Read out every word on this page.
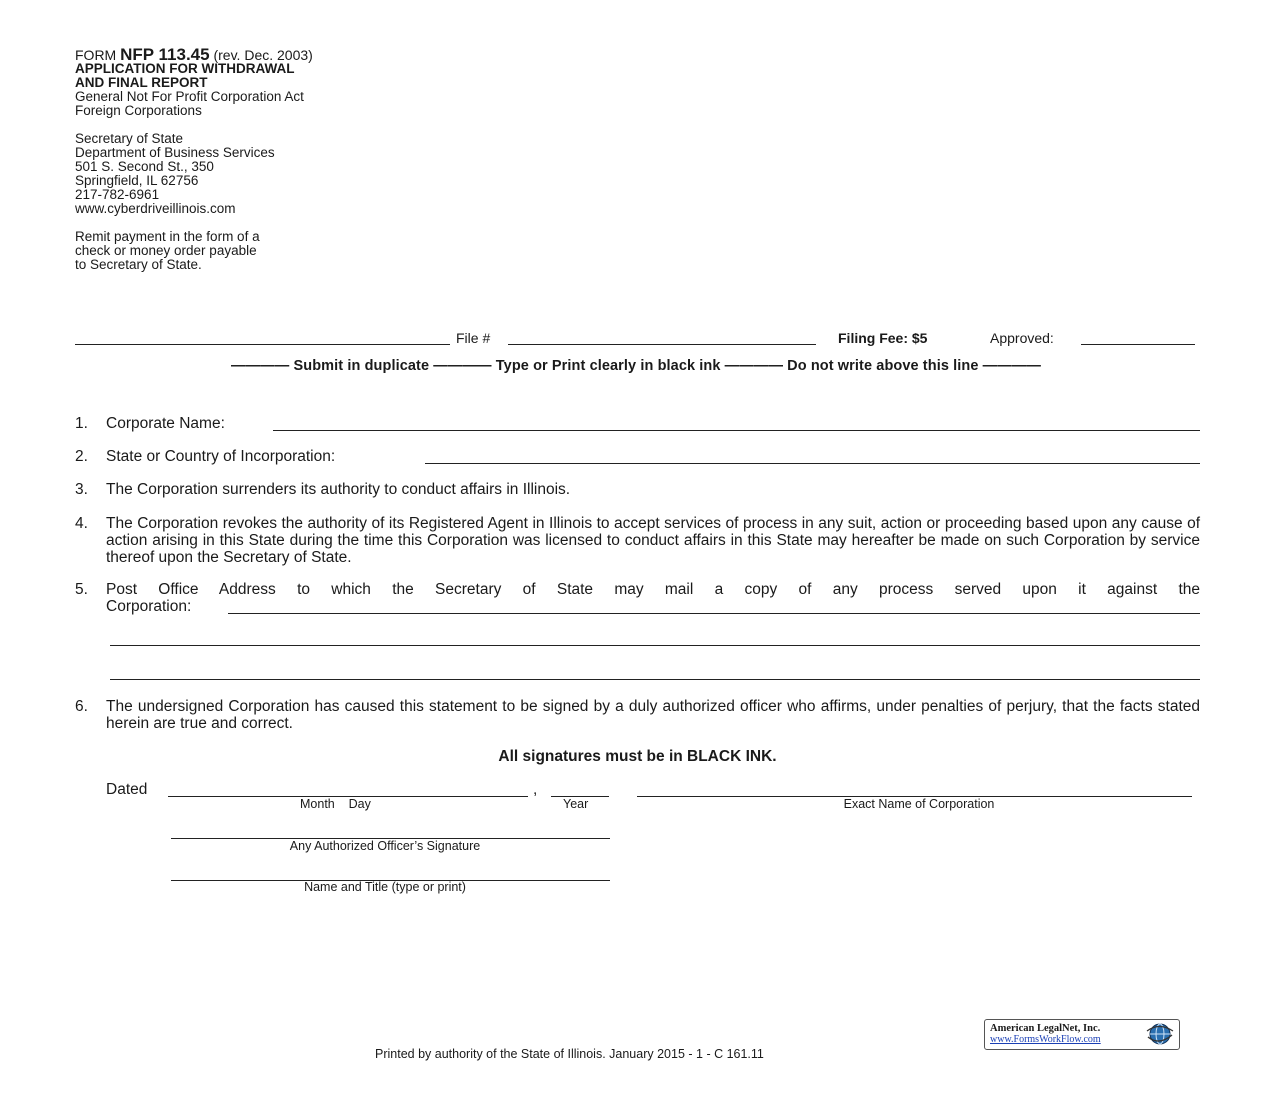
FORM NFP 113.45 (rev. Dec. 2003)
APPLICATION FOR WITHDRAWAL
AND FINAL REPORT
General Not For Profit Corporation Act
Foreign Corporations
Secretary of State
Department of Business Services
501 S. Second St., 350
Springfield, IL 62756
217-782-6961
www.cyberdriveillinois.com
Remit payment in the form of a
check or money order payable
to Secretary of State.
File #	Filing Fee: $5	Approved:
———— Submit in duplicate ———— Type or Print clearly in black ink ———— Do not write above this line ————
1. Corporate Name:
2. State or Country of Incorporation:
3. The Corporation surrenders its authority to conduct affairs in Illinois.
4. The Corporation revokes the authority of its Registered Agent in Illinois to accept services of process in any suit, action or proceeding based upon any cause of action arising in this State during the time this Corporation was licensed to conduct affairs in this State may hereafter be made on such Corporation by service thereof upon the Secretary of State.
5. Post Office Address to which the Secretary of State may mail a copy of any process served upon it against the
Corporation:
6. The undersigned Corporation has caused this statement to be signed by a duly authorized officer who affirms, under penalties of perjury, that the facts stated herein are true and correct.
All signatures must be in BLACK INK.
Dated	,
Month    Day	Year	Exact Name of Corporation
Any Authorized Officer’s Signature
Name and Title (type or print)
Printed by authority of the State of Illinois. January 2015 - 1 - C 161.11
American LegalNet, Inc.
www.FormsWorkFlow.com
